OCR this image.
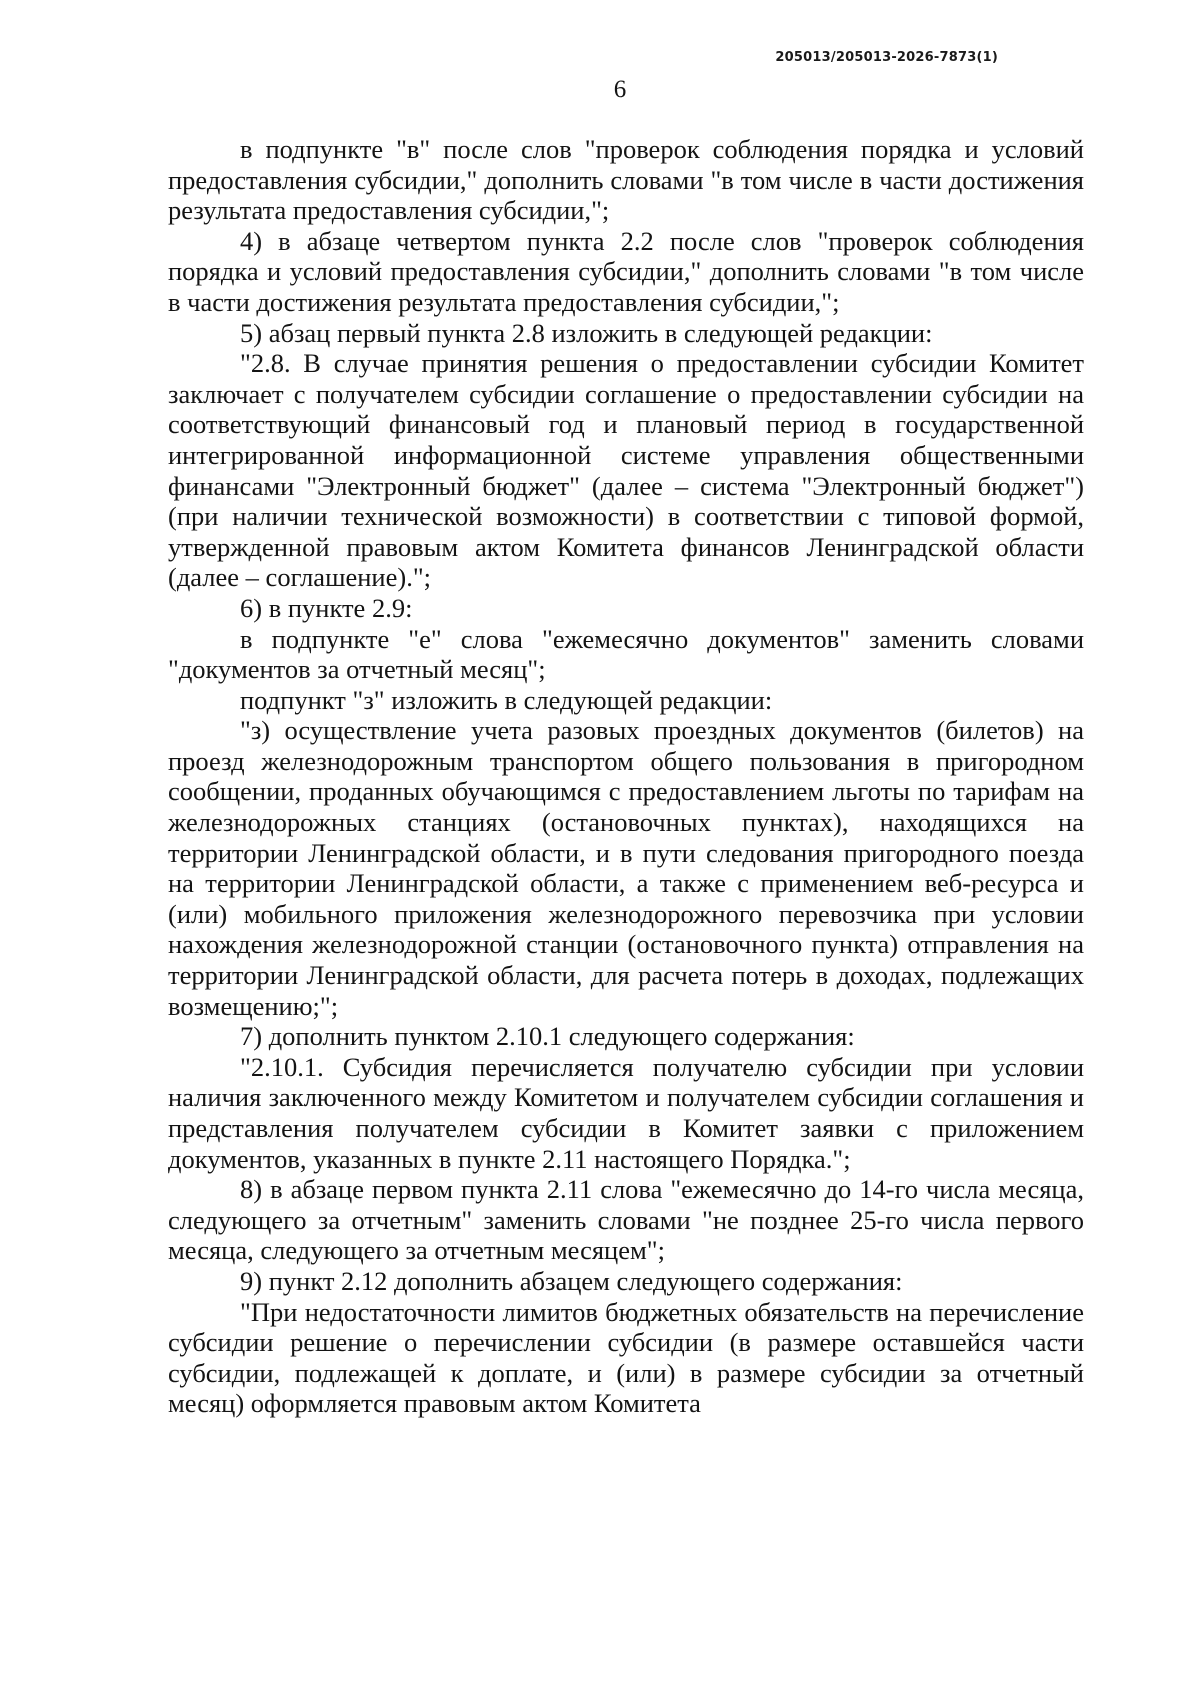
205013/205013-2026-7873(1)
6

в подпункте "в" после слов "проверок соблюдения порядка и условий предоставления субсидии," дополнить словами "в том числе в части достижения результата предоставления субсидии,";

4) в абзаце четвертом пункта 2.2 после слов "проверок соблюдения порядка и условий предоставления субсидии," дополнить словами "в том числе в части достижения результата предоставления субсидии,";

5) абзац первый пункта 2.8 изложить в следующей редакции:

"2.8. В случае принятия решения о предоставлении субсидии Комитет заключает с получателем субсидии соглашение о предоставлении субсидии на соответствующий финансовый год и плановый период в государственной интегрированной информационной системе управления общественными финансами "Электронный бюджет" (далее – система "Электронный бюджет") (при наличии технической возможности) в соответствии с типовой формой, утвержденной правовым актом Комитета финансов Ленинградской области (далее – соглашение).";

6) в пункте 2.9:

в подпункте "е" слова "ежемесячно документов" заменить словами "документов за отчетный месяц";

подпункт "з" изложить в следующей редакции:

"з) осуществление учета разовых проездных документов (билетов) на проезд железнодорожным транспортом общего пользования в пригородном сообщении, проданных обучающимся с предоставлением льготы по тарифам на железнодорожных станциях (остановочных пунктах), находящихся на территории Ленинградской области, и в пути следования пригородного поезда на территории Ленинградской области, а также с применением веб-ресурса и (или) мобильного приложения железнодорожного перевозчика при условии нахождения железнодорожной станции (остановочного пункта) отправления на территории Ленинградской области, для расчета потерь в доходах, подлежащих возмещению;";

7) дополнить пунктом 2.10.1 следующего содержания:

"2.10.1. Субсидия перечисляется получателю субсидии при условии наличия заключенного между Комитетом и получателем субсидии соглашения и представления получателем субсидии в Комитет заявки с приложением документов, указанных в пункте 2.11 настоящего Порядка.";

8) в абзаце первом пункта 2.11 слова "ежемесячно до 14-го числа месяца, следующего за отчетным" заменить словами "не позднее 25-го числа первого месяца, следующего за отчетным месяцем";

9) пункт 2.12 дополнить абзацем следующего содержания:

"При недостаточности лимитов бюджетных обязательств на перечисление субсидии решение о перечислении субсидии (в размере оставшейся части субсидии, подлежащей к доплате, и (или) в размере субсидии за отчетный месяц) оформляется правовым актом Комитета
